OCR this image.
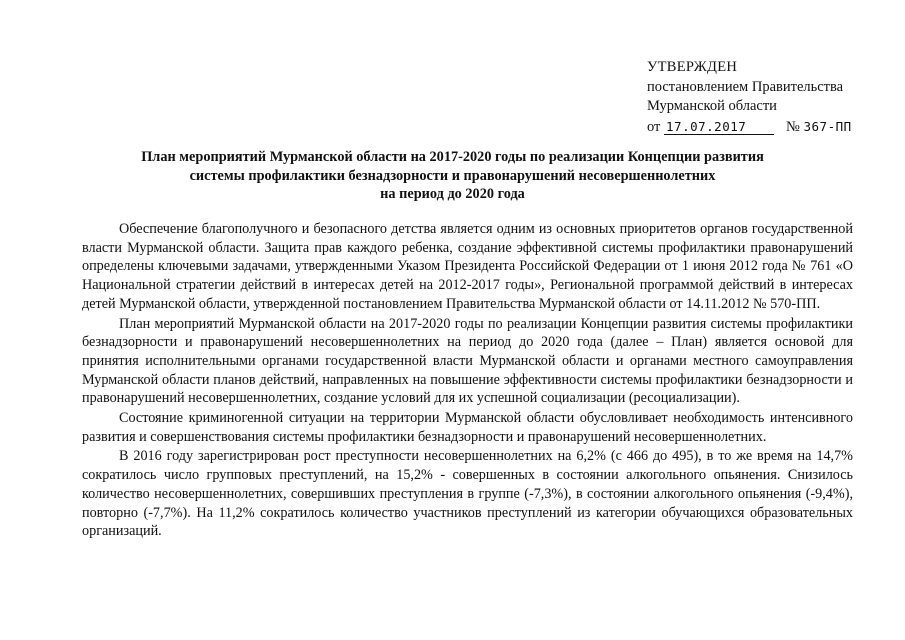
УТВЕРЖДЕН
постановлением Правительства
Мурманской области
от 17.07.2017	№ 367-ПП
План мероприятий Мурманской области на 2017-2020 годы по реализации Концепции развития
системы профилактики безнадзорности и правонарушений несовершеннолетних
на период до 2020 года

Обеспечение благополучного и безопасного детства является одним из основных приоритетов органов государственной власти Мурманской области. Защита прав каждого ребенка, создание эффективной системы профилактики правонарушений определены ключевыми задачами, утвержденными Указом Президента Российской Федерации от 1 июня 2012 года № 761 «О Национальной стратегии действий в интересах детей на 2012-2017 годы», Региональной программой действий в интересах детей Мурманской области, утвержденной постановлением Правительства Мурманской области от 14.11.2012 № 570-ПП.

План мероприятий Мурманской области на 2017-2020 годы по реализации Концепции развития системы профилактики безнадзорности и правонарушений несовершеннолетних на период до 2020 года (далее – План) является основой для принятия исполнительными органами государственной власти Мурманской области и органами местного самоуправления Мурманской области планов действий, направленных на повышение эффективности системы профилактики безнадзорности и правонарушений несовершеннолетних, создание условий для их успешной социализации (ресоциализации).

Состояние криминогенной ситуации на территории Мурманской области обусловливает необходимость интенсивного развития и совершенствования системы профилактики безнадзорности и правонарушений несовершеннолетних.

В 2016 году зарегистрирован рост преступности несовершеннолетних на 6,2% (с 466 до 495), в то же время на 14,7% сократилось число групповых преступлений, на 15,2% - совершенных в состоянии алкогольного опьянения. Снизилось количество несовершеннолетних, совершивших преступления в группе (-7,3%), в состоянии алкогольного опьянения (-9,4%), повторно (-7,7%). На 11,2% сократилось количество участников преступлений из категории обучающихся образовательных организаций.
